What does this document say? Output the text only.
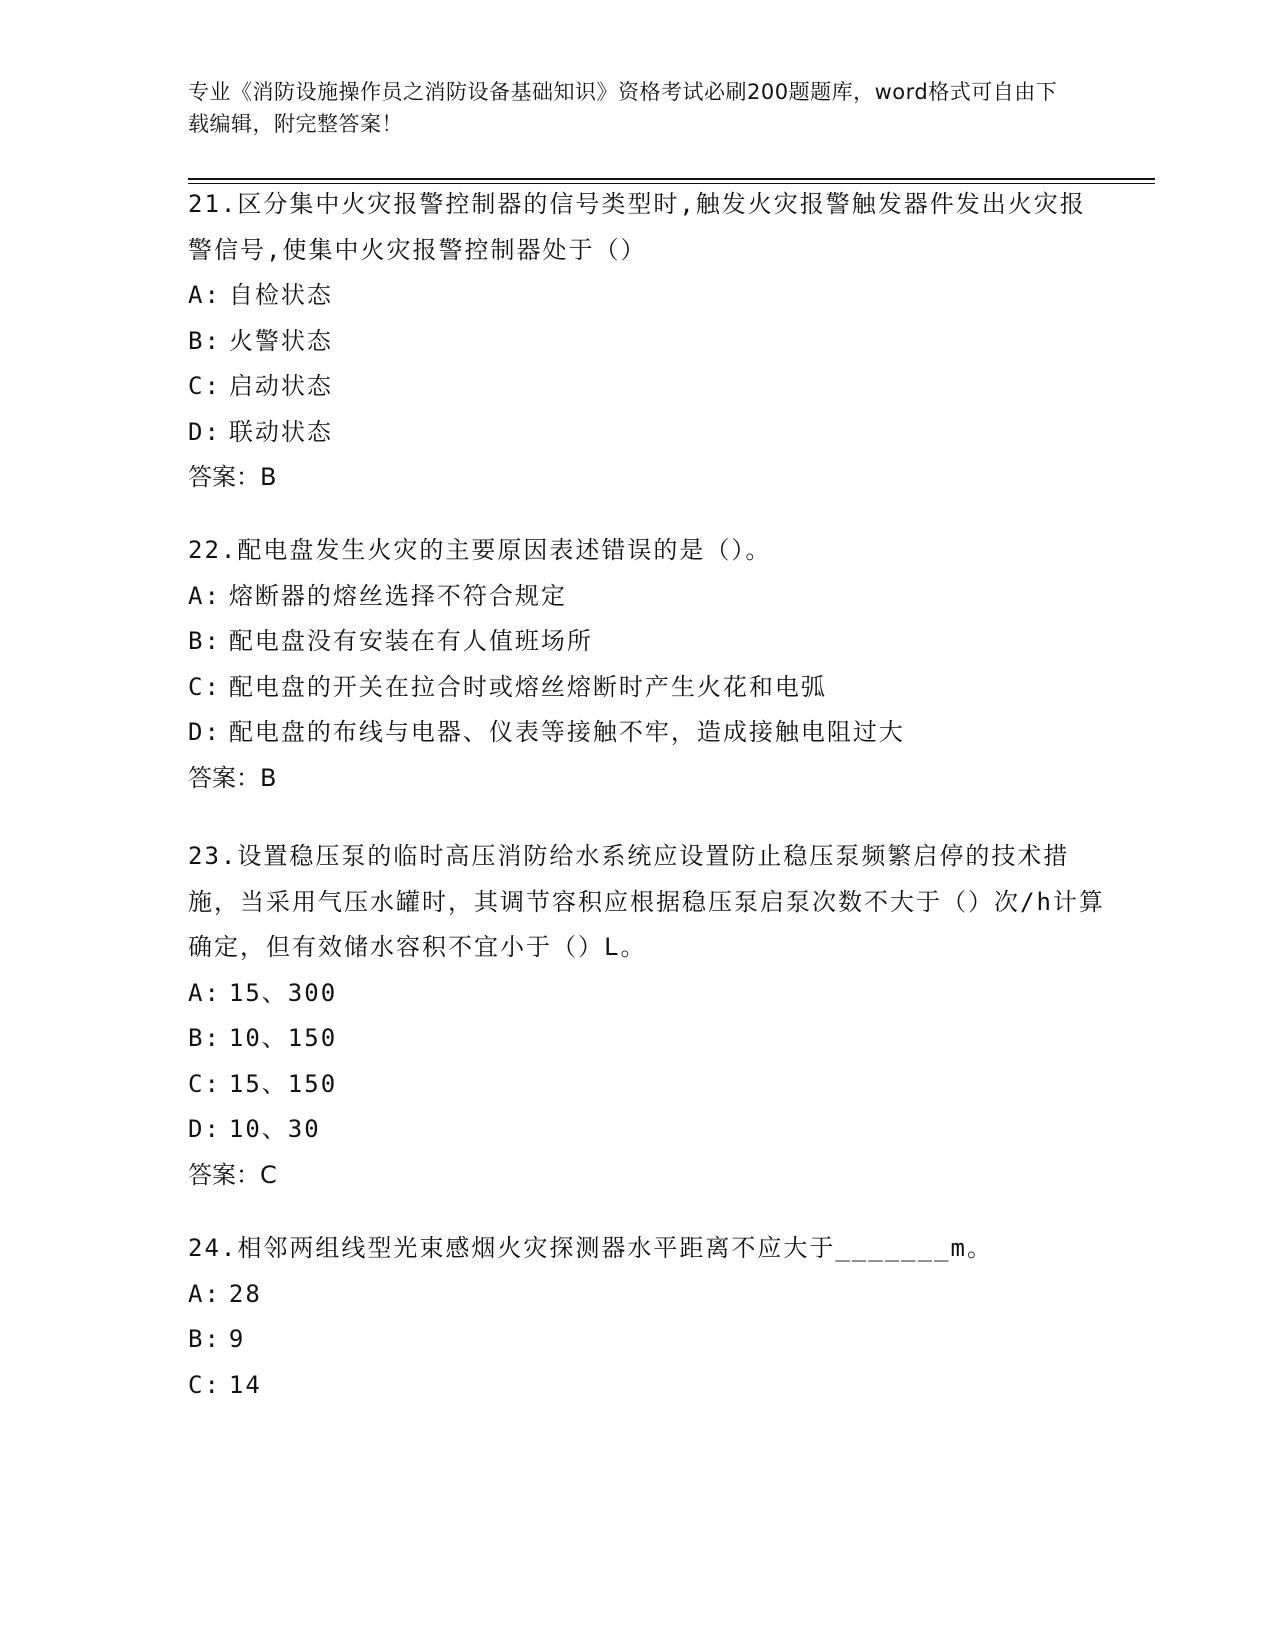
专业《消防设施操作员之消防设备基础知识》资格考试必刷200题题库，word格式可自由下载编辑，附完整答案！
21.区分集中火灾报警控制器的信号类型时,触发火灾报警触发器件发出火灾报警信号,使集中火灾报警控制器处于（）
A: 自检状态
B: 火警状态
C: 启动状态
D: 联动状态
答案：B
22.配电盘发生火灾的主要原因表述错误的是（）。
A: 熔断器的熔丝选择不符合规定
B: 配电盘没有安装在有人值班场所
C: 配电盘的开关在拉合时或熔丝熔断时产生火花和电弧
D: 配电盘的布线与电器、仪表等接触不牢，造成接触电阻过大
答案：B
23.设置稳压泵的临时高压消防给水系统应设置防止稳压泵频繁启停的技术措施，当采用气压水罐时，其调节容积应根据稳压泵启泵次数不大于（）次/h计算确定，但有效储水容积不宜小于（）L。
A: 15、300
B: 10、150
C: 15、150
D: 10、30
答案：C
24.相邻两组线型光束感烟火灾探测器水平距离不应大于_______m。
A: 28
B: 9
C: 14
